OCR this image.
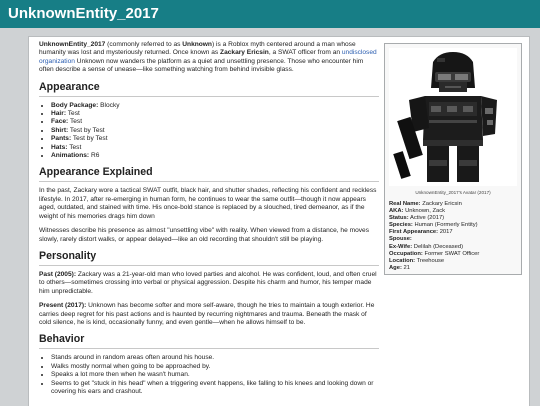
UnknownEntity_2017

UnknownEntity_2017 (commonly referred to as Unknown) is a Roblox myth centered around a man whose humanity was lost and mysteriously returned. Once known as Zackary Ericsin, a SWAT officer from an undisclosed organization Unknown now wanders the platform as a quiet and unsettling presence. Those who encounter him often describe a sense of unease—like something watching from behind invisible glass.

Appearance
• Body Package: Blocky
• Hair: Test
• Face: Test
• Shirt: Test by Test
• Pants: Test by Test
• Hats: Test
• Animations: R6
Appearance Explained

In the past, Zackary wore a tactical SWAT outfit, black hair, and shutter shades, reflecting his confident and reckless lifestyle. In 2017, after re-emerging in human form, he continues to wear the same outfit—though it now appears aged, outdated, and stained with time. His once-bold stance is replaced by a slouched, tired demeanor, as if the weight of his memories drags him down

Witnesses describe his presence as almost "unsettling vibe" with reality. When viewed from a distance, he moves slowly, rarely distort walks, or appear delayed—like an old recording that shouldn't still be playing.

Personality

Past (2005): Zackary was a 21-year-old man who loved parties and alcohol. He was confident, loud, and often cruel to others—sometimes crossing into verbal or physical aggression. Despite his charm and humor, his temper made him unpredictable.

Present (2017): Unknown has become softer and more self-aware, though he tries to maintain a tough exterior. He carries deep regret for his past actions and is haunted by recurring nightmares and trauma. Beneath the mask of cold silence, he is kind, occasionally funny, and even gentle—when he allows himself to be.

Behavior
• Stands around in random areas often around his house.
• Walks mostly normal when going to be approached by.
• Speaks a lot more then when he wasn't human.
• Seems to get "stuck in his head" when a triggering event happens, like falling to his knees and looking down or covering his ears and crashout.
UnknownEntity_2017's Avatar (2017)
Real Name: Zackary Ericsin
AKA: Unknown, Zack
Status: Active (2017)
Species: Human (Formerly Entity)
First Appearance: 2017
Spouse:
Ex-Wife: Delilah (Deceased)
Occupation: Former SWAT Officer
Location: Treehouse
Age: 21
